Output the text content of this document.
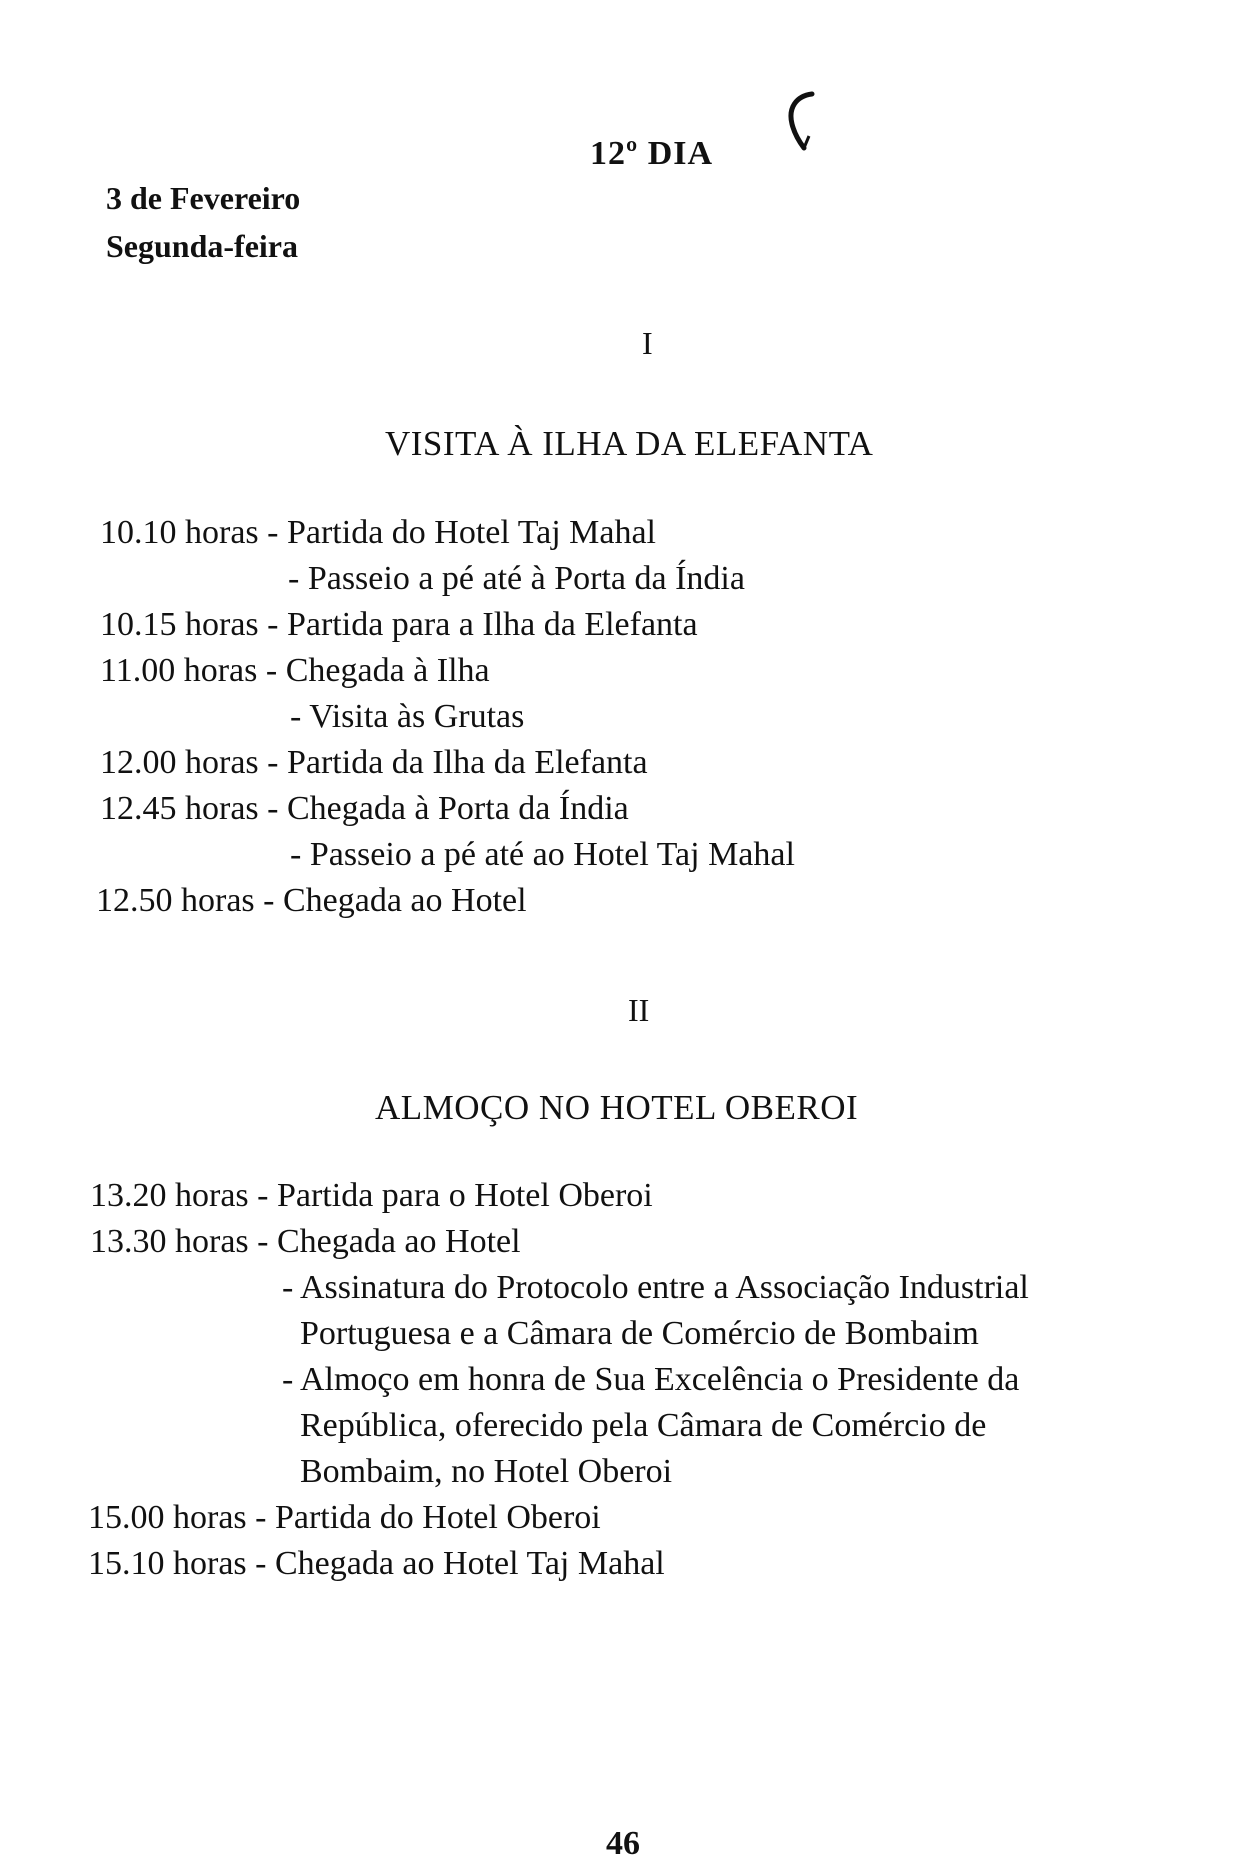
12º DIA
3 de Fevereiro
Segunda-feira
I
VISITA À ILHA DA ELEFANTA
10.10 horas - Partida do Hotel Taj Mahal
- Passeio a pé até à Porta da Índia
10.15 horas - Partida para a Ilha da Elefanta
11.00 horas - Chegada à Ilha
- Visita às Grutas
12.00 horas - Partida da Ilha da Elefanta
12.45 horas - Chegada à Porta da Índia
- Passeio a pé até ao Hotel Taj Mahal
12.50 horas - Chegada ao Hotel
II
ALMOÇO NO HOTEL OBEROI
13.20 horas - Partida para o Hotel Oberoi
13.30 horas - Chegada ao Hotel
- Assinatura do Protocolo entre a Associação Industrial
Portuguesa e a Câmara de Comércio de Bombaim
- Almoço em honra de Sua Excelência o Presidente da
República, oferecido pela Câmara de Comércio de
Bombaim, no Hotel Oberoi
15.00 horas - Partida do Hotel Oberoi
15.10 horas - Chegada ao Hotel Taj Mahal
46
